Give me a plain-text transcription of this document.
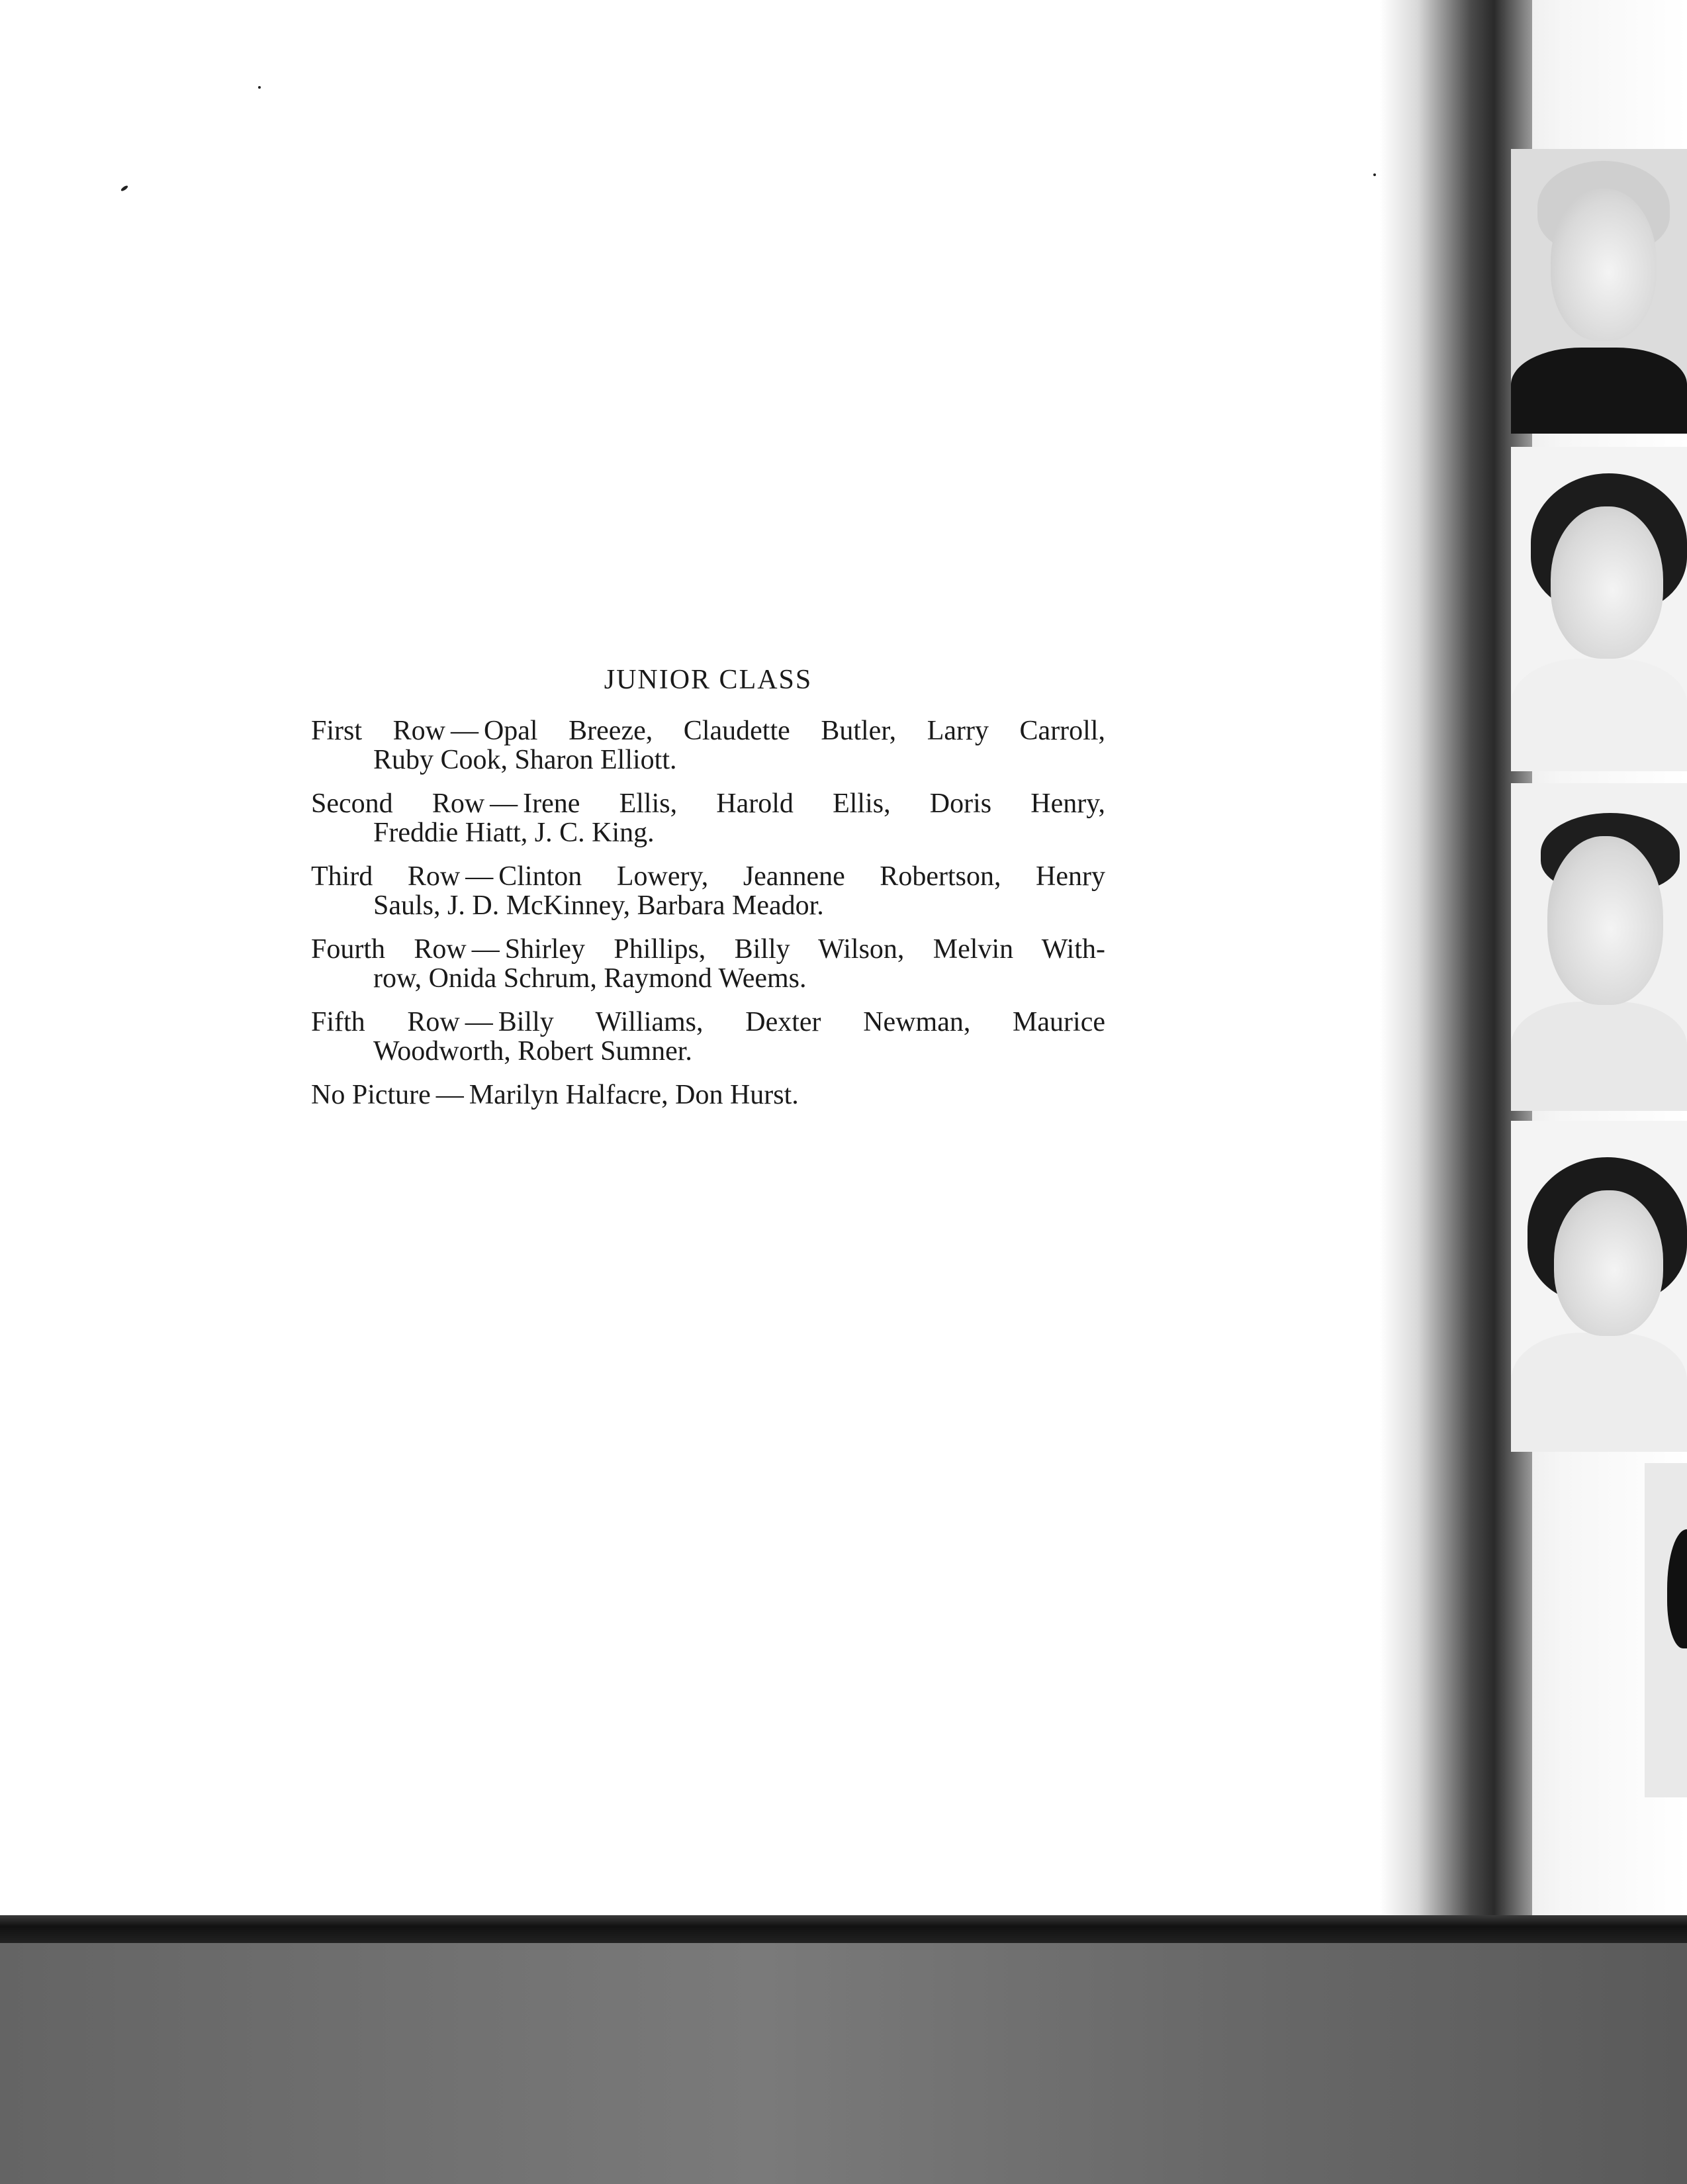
JUNIOR CLASS
First Row — Opal Breeze, Claudette Butler, Larry Carroll,
Ruby Cook, Sharon Elliott.
Second Row — Irene Ellis, Harold Ellis, Doris Henry,
Freddie Hiatt, J. C. King.
Third Row — Clinton Lowery, Jeannene Robertson, Henry
Sauls, J. D. McKinney, Barbara Meador.
Fourth Row — Shirley Phillips, Billy Wilson, Melvin With-
row, Onida Schrum, Raymond Weems.
Fifth Row — Billy Williams, Dexter Newman, Maurice
Woodworth, Robert Sumner.
No Picture — Marilyn Halfacre, Don Hurst.
